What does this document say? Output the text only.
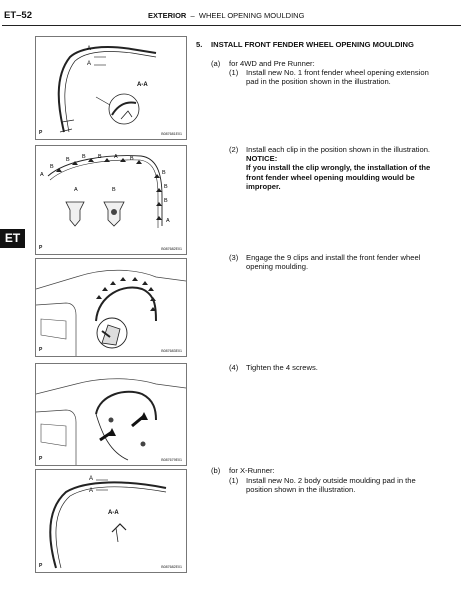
ET–52	EXTERIOR – WHEEL OPENING MOULDING
ET
A
A
A-A
P	B087681E01
A
B
B B B A B
B
B
B
A
A	B
P	B087682E01
P	B087683E01
P	B087679E01
A
A
A-A
P	B087682E01
5. INSTALL FRONT FENDER WHEEL OPENING MOULDING
(a) for 4WD and Pre Runner:
(1) Install new No. 1 front fender wheel opening extension pad in the position shown in the illustration.
(2) Install each clip in the position shown in the illustration.
NOTICE:
If you install the clip wrongly, the installation of the front fender wheel opening moulding would be improper.
(3) Engage the 9 clips and install the front fender wheel opening moulding.
(4) Tighten the 4 screws.
(b) for X-Runner:
(1) Install new No. 2 body outside moulding pad in the position shown in the illustration.
